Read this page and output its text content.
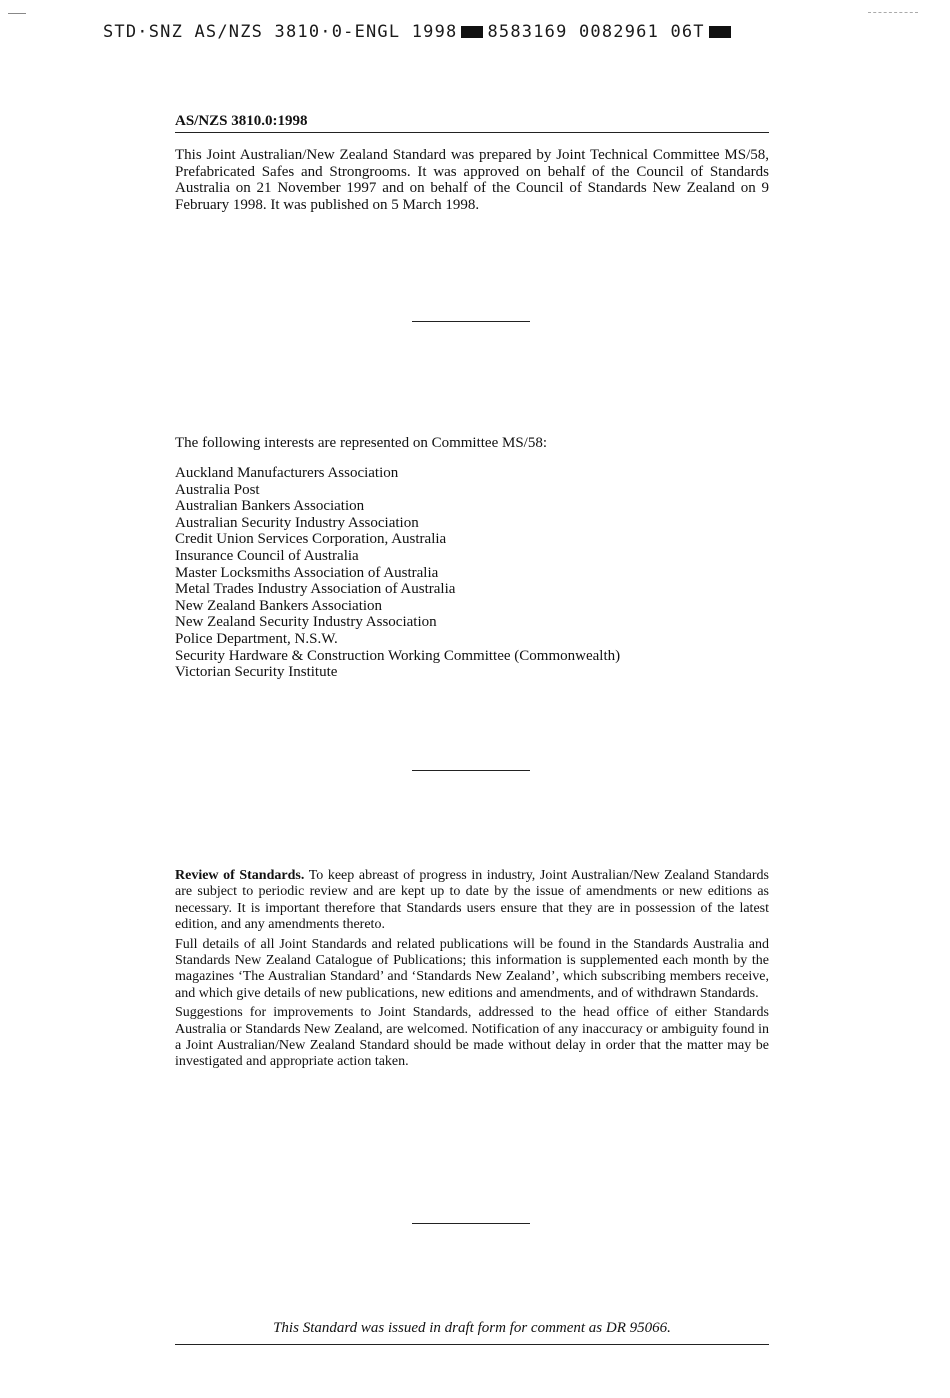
STD·SNZ AS/NZS 3810·0-ENGL 1998 8583169 0082961 06T
AS/NZS 3810.0:1998
This Joint Australian/New Zealand Standard was prepared by Joint Technical Committee MS/58, Prefabricated Safes and Strongrooms. It was approved on behalf of the Council of Standards Australia on 21 November 1997 and on behalf of the Council of Standards New Zealand on 9 February 1998. It was published on 5 March 1998.
The following interests are represented on Committee MS/58:
Auckland Manufacturers Association
Australia Post
Australian Bankers Association
Australian Security Industry Association
Credit Union Services Corporation, Australia
Insurance Council of Australia
Master Locksmiths Association of Australia
Metal Trades Industry Association of Australia
New Zealand Bankers Association
New Zealand Security Industry Association
Police Department, N.S.W.
Security Hardware & Construction Working Committee (Commonwealth)
Victorian Security Institute

Review of Standards. To keep abreast of progress in industry, Joint Australian/New Zealand Standards are subject to periodic review and are kept up to date by the issue of amendments or new editions as necessary. It is important therefore that Standards users ensure that they are in possession of the latest edition, and any amendments thereto.

Full details of all Joint Standards and related publications will be found in the Standards Australia and Standards New Zealand Catalogue of Publications; this information is supplemented each month by the magazines ‘The Australian Standard’ and ‘Standards New Zealand’, which subscribing members receive, and which give details of new publications, new editions and amendments, and of withdrawn Standards.

Suggestions for improvements to Joint Standards, addressed to the head office of either Standards Australia or Standards New Zealand, are welcomed. Notification of any inaccuracy or ambiguity found in a Joint Australian/New Zealand Standard should be made without delay in order that the matter may be investigated and appropriate action taken.

This Standard was issued in draft form for comment as DR 95066.
